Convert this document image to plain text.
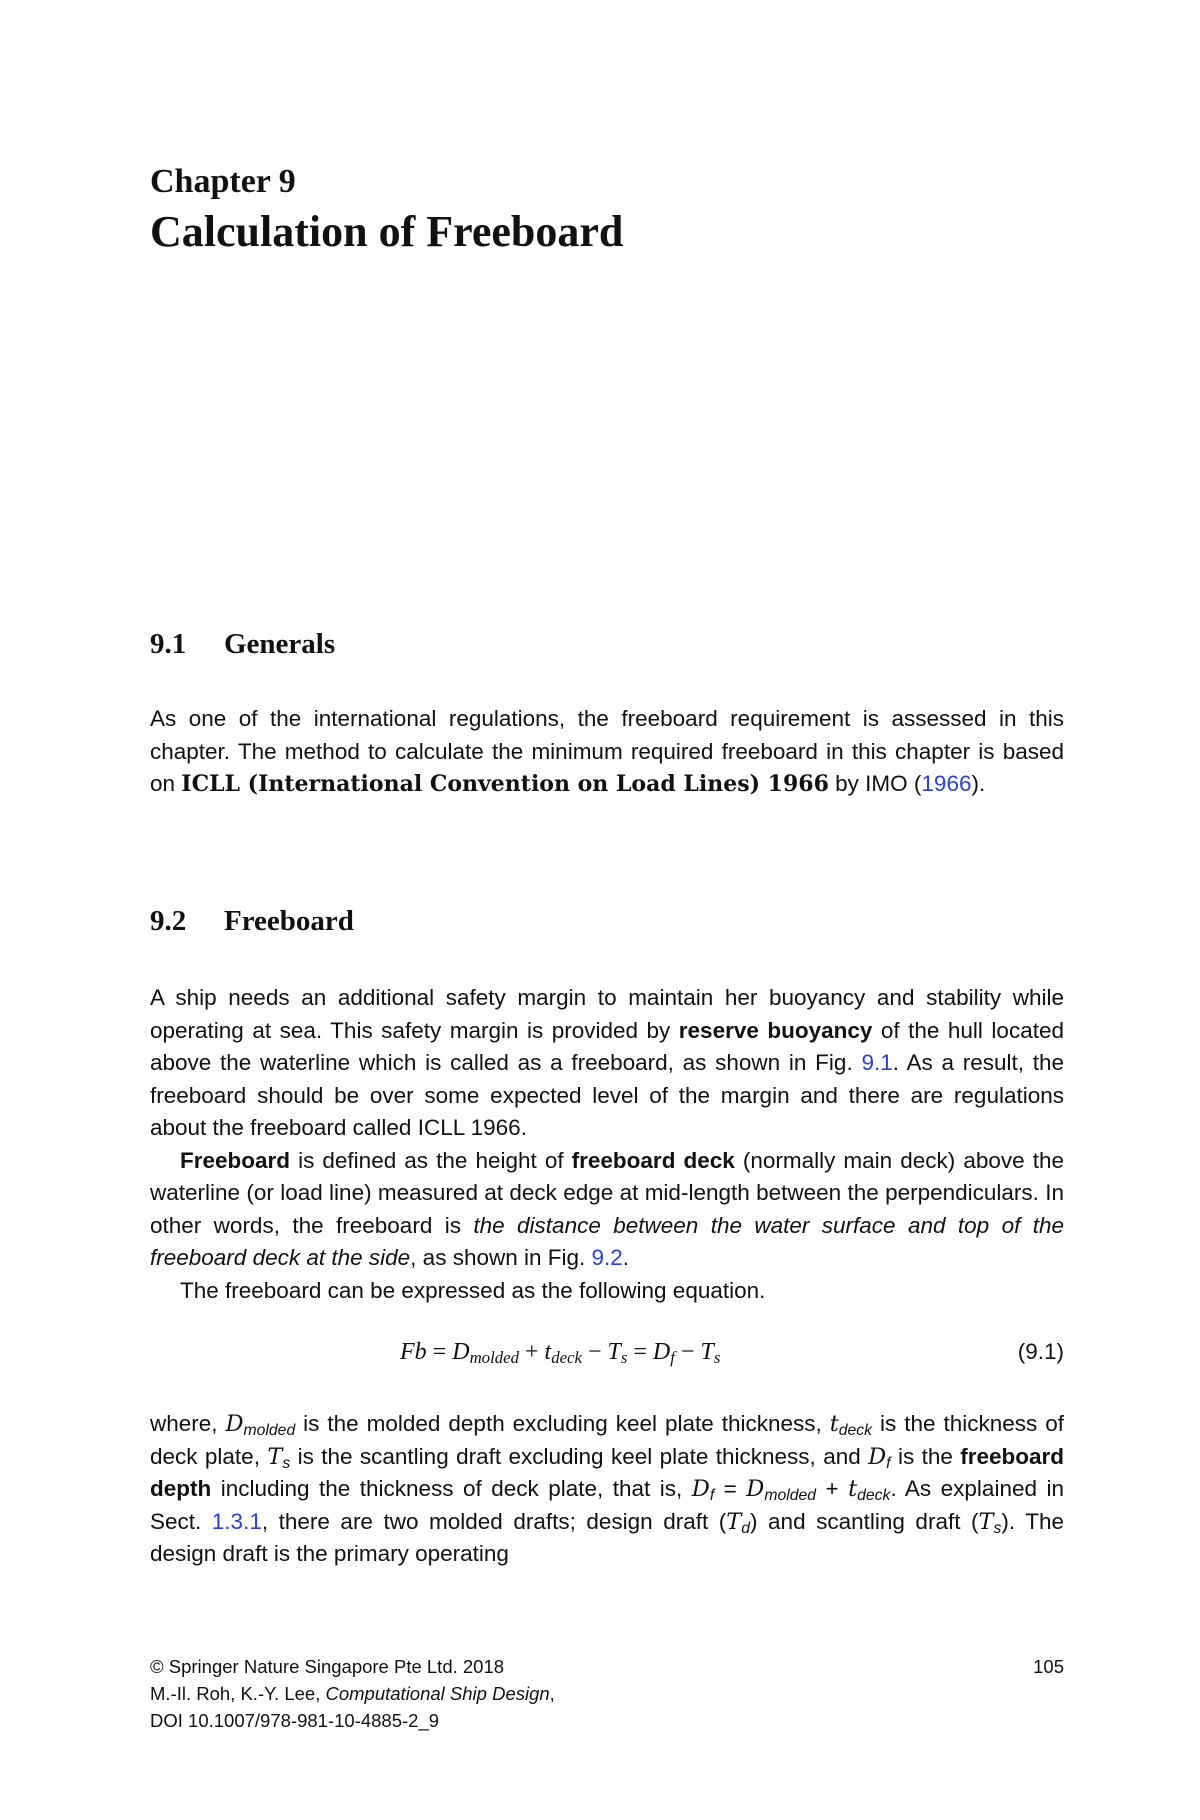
Chapter 9
Calculation of Freeboard
9.1 Generals

As one of the international regulations, the freeboard requirement is assessed in this chapter. The method to calculate the minimum required freeboard in this chapter is based on ICLL (International Convention on Load Lines) 1966 by IMO (1966).

9.2 Freeboard

A ship needs an additional safety margin to maintain her buoyancy and stability while operating at sea. This safety margin is provided by reserve buoyancy of the hull located above the waterline which is called as a freeboard, as shown in Fig. 9.1. As a result, the freeboard should be over some expected level of the margin and there are regulations about the freeboard called ICLL 1966.

Freeboard is defined as the height of freeboard deck (normally main deck) above the waterline (or load line) measured at deck edge at mid-length between the perpendiculars. In other words, the freeboard is the distance between the water surface and top of the freeboard deck at the side, as shown in Fig. 9.2.

The freeboard can be expressed as the following equation.

$Fb = D_{molded} + t_{deck} - T_s = D_f - T_s$	(9.1)

where, $D_{molded}$ is the molded depth excluding keel plate thickness, $t_{deck}$ is the thickness of deck plate, $T_s$ is the scantling draft excluding keel plate thickness, and $D_f$ is the freeboard depth including the thickness of deck plate, that is, $D_f = D_{molded} + t_{deck}$. As explained in Sect. 1.3.1, there are two molded drafts; design draft $(T_d)$ and scantling draft $(T_s)$. The design draft is the primary operating

© Springer Nature Singapore Pte Ltd. 2018
M.-Il. Roh, K.-Y. Lee, Computational Ship Design,
DOI 10.1007/978-981-10-4885-2_9
105
